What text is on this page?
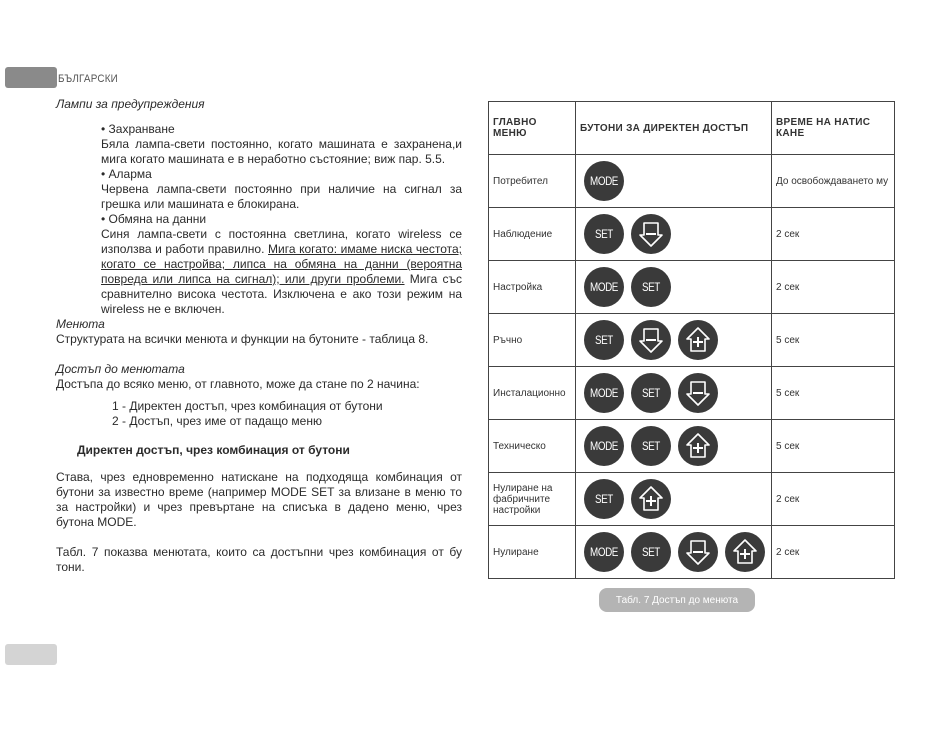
БЪЛГАРСКИ
Лампи за предупреждения
• Захранване
Бяла лампа-свети постоянно, когато машината е захранена,и мига когато машината е в неработно състояние; виж пар. 5.5.
• Аларма
Червена лампа-свети постоянно при наличие на сигнал за грешка или машината е блокирана.
• Обмяна на данни
Синя лампа-свети с постоянна светлина, когато wireless се използва и работи правилно. Мига когато: имаме ниска честота; когато се настройва; липса на обмяна на данни (вероятна повреда или липса на сигнал); или други проблеми. Мига със сравнително висока честота. Изключена е ако този режим на wireless не е включен.
Менюта
Структурата на всички менюта и функции на бутоните - таблица 8.
Достъп до менютата
Достъпа до всяко меню, от главното, може да стане по 2 начина:
1 - Директен достъп, чрез комбинация от бутони
2 - Достъп, чрез име от падащо меню
Директен достъп, чрез комбинация от бутони
Става, чрез едновременно натискане на подходяща комбинация от бутони за известно време (например MODE SET за влизане в меню то за настройки) и чрез превъртане на списъка в дадено меню, чрез бутона MODE.
Табл. 7 показва менютата, които са достъпни чрез комбинация от бу тони.
ГЛАВНО МЕНЮ	БУТОНИ ЗА ДИРЕКТЕН ДОСТЪП	ВРЕМЕ НА НАТИС КАНЕ
Потребител	MODE	До освобождаването му
Наблюдение	SET	2 сек
Настройка	MODE SET	2 сек
Ръчно	SET	5 сек
Инсталационно	MODE SET	5 сек
Техническо	MODE SET	5 сек
Нулиране на фабричните настройки	SET	2 сек
Нулиране	MODE SET	2 сек
Табл. 7 Достъп до менюта
